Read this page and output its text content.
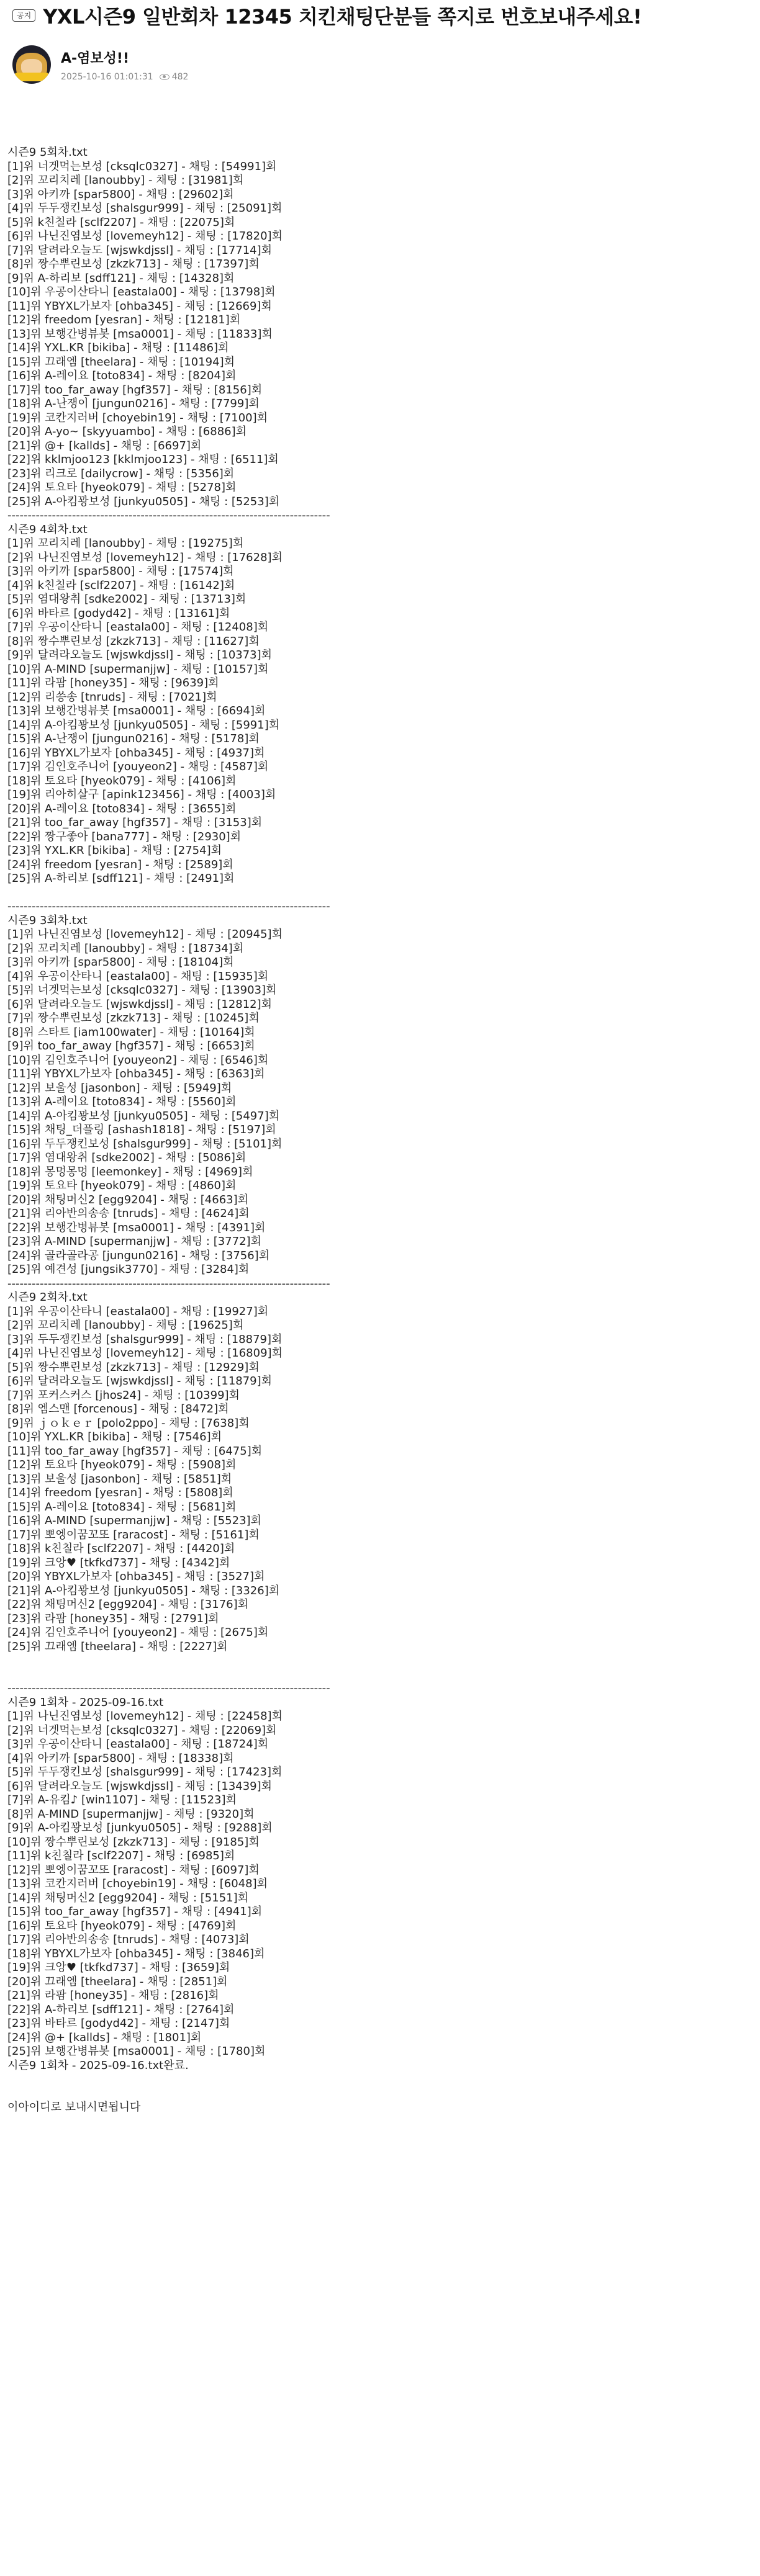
공지 YXL시즌9 일반회차 12345 치킨채팅단분들 쪽지로 번호보내주세요!
A-염보성!!
2025-10-16 01:01:31 482
시즌9 5회차.txt
[1]위 너겟먹는보성 [cksqlc0327] - 채팅 : [54991]회
[2]위 꼬리치레 [lanoubby] - 채팅 : [31981]회
[3]위 아키까 [spar5800] - 채팅 : [29602]회
[4]위 두두쟁킨보성 [shalsgur999] - 채팅 : [25091]회
[5]위 k친칠라 [sclf2207] - 채팅 : [22075]회
[6]위 나닌진염보성 [lovemeyh12] - 채팅 : [17820]회
[7]위 달려라오늘도 [wjswkdjssl] - 채팅 : [17714]회
[8]위 짱수뿌린보성 [zkzk713] - 채팅 : [17397]회
[9]위 A-하리보 [sdff121] - 채팅 : [14328]회
[10]위 우공이산타니 [eastala00] - 채팅 : [13798]회
[11]위 YBYXL가보자 [ohba345] - 채팅 : [12669]회
[12]위 freedom [yesran] - 채팅 : [12181]회
[13]위 보행간병뷰봇 [msa0001] - 채팅 : [11833]회
[14]위 YXL.KR [bikiba] - 채팅 : [11486]회
[15]위 끄래엠 [theelara] - 채팅 : [10194]회
[16]위 A-레이요 [toto834] - 채팅 : [8204]회
[17]위 too_far_away [hgf357] - 채팅 : [8156]회
[18]위 A-난쟁이 [jungun0216] - 채팅 : [7799]회
[19]위 코칸지러버 [choyebin19] - 채팅 : [7100]회
[20]위 A-yo~ [skyyuambo] - 채팅 : [6886]회
[21]위 @+ [kallds] - 채팅 : [6697]회
[22]위 kklmjoo123 [kklmjoo123] - 채팅 : [6511]회
[23]위 리크로 [dailycrow] - 채팅 : [5356]회
[24]위 토요타 [hyeok079] - 채팅 : [5278]회
[25]위 A-아킴꽝보성 [junkyu0505] - 채팅 : [5253]회
--------------------------------------------------------------------------------
시즌9 4회차.txt
[1]위 꼬리치레 [lanoubby] - 채팅 : [19275]회
[2]위 나닌진염보성 [lovemeyh12] - 채팅 : [17628]회
[3]위 아키까 [spar5800] - 채팅 : [17574]회
[4]위 k친칠라 [sclf2207] - 채팅 : [16142]회
[5]위 염대왕취 [sdke2002] - 채팅 : [13713]회
[6]위 바타르 [godyd42] - 채팅 : [13161]회
[7]위 우공이산타니 [eastala00] - 채팅 : [12408]회
[8]위 짱수뿌린보성 [zkzk713] - 채팅 : [11627]회
[9]위 달려라오늘도 [wjswkdjssl] - 채팅 : [10373]회
[10]위 A-MIND [supermanjjw] - 채팅 : [10157]회
[11]위 라팜 [honey35] - 채팅 : [9639]회
[12]위 리씅송 [tnruds] - 채팅 : [7021]회
[13]위 보행간병뷰봇 [msa0001] - 채팅 : [6694]회
[14]위 A-아킴꽝보성 [junkyu0505] - 채팅 : [5991]회
[15]위 A-난쟁이 [jungun0216] - 채팅 : [5178]회
[16]위 YBYXL가보자 [ohba345] - 채팅 : [4937]회
[17]위 김인호주니어 [youyeon2] - 채팅 : [4587]회
[18]위 토요타 [hyeok079] - 채팅 : [4106]회
[19]위 리아히살구 [apink123456] - 채팅 : [4003]회
[20]위 A-레이요 [toto834] - 채팅 : [3655]회
[21]위 too_far_away [hgf357] - 채팅 : [3153]회
[22]위 짱구좋아 [bana777] - 채팅 : [2930]회
[23]위 YXL.KR [bikiba] - 채팅 : [2754]회
[24]위 freedom [yesran] - 채팅 : [2589]회
[25]위 A-하리보 [sdff121] - 채팅 : [2491]회
--------------------------------------------------------------------------------
시즌9 3회차.txt
[1]위 나닌진염보성 [lovemeyh12] - 채팅 : [20945]회
[2]위 꼬리치레 [lanoubby] - 채팅 : [18734]회
[3]위 아키까 [spar5800] - 채팅 : [18104]회
[4]위 우공이산타니 [eastala00] - 채팅 : [15935]회
[5]위 너겟먹는보성 [cksqlc0327] - 채팅 : [13903]회
[6]위 달려라오늘도 [wjswkdjssl] - 채팅 : [12812]회
[7]위 짱수뿌린보성 [zkzk713] - 채팅 : [10245]회
[8]위 스타트 [iam100water] - 채팅 : [10164]회
[9]위 too_far_away [hgf357] - 채팅 : [6653]회
[10]위 김인호주니어 [youyeon2] - 채팅 : [6546]회
[11]위 YBYXL가보자 [ohba345] - 채팅 : [6363]회
[12]위 보울성 [jasonbon] - 채팅 : [5949]회
[13]위 A-레이요 [toto834] - 채팅 : [5560]회
[14]위 A-아킴꽝보성 [junkyu0505] - 채팅 : [5497]회
[15]위 채팅_더플링 [ashash1818] - 채팅 : [5197]회
[16]위 두두쟁킨보성 [shalsgur999] - 채팅 : [5101]회
[17]위 염대왕취 [sdke2002] - 채팅 : [5086]회
[18]위 몽멍몽멍 [leemonkey] - 채팅 : [4969]회
[19]위 토요타 [hyeok079] - 채팅 : [4860]회
[20]위 채팅머신2 [egg9204] - 채팅 : [4663]회
[21]위 리아반의송송 [tnruds] - 채팅 : [4624]회
[22]위 보행간병뷰봇 [msa0001] - 채팅 : [4391]회
[23]위 A-MIND [supermanjjw] - 채팅 : [3772]회
[24]위 골라골라공 [jungun0216] - 채팅 : [3756]회
[25]위 예견성 [jungsik3770] - 채팅 : [3284]회
--------------------------------------------------------------------------------
시즌9 2회차.txt
[1]위 우공이산타니 [eastala00] - 채팅 : [19927]회
[2]위 꼬리치레 [lanoubby] - 채팅 : [19625]회
[3]위 두두쟁킨보성 [shalsgur999] - 채팅 : [18879]회
[4]위 나닌진염보성 [lovemeyh12] - 채팅 : [16809]회
[5]위 짱수뿌린보성 [zkzk713] - 채팅 : [12929]회
[6]위 달려라오늘도 [wjswkdjssl] - 채팅 : [11879]회
[7]위 포커스커스 [jhos24] - 채팅 : [10399]회
[8]위 엠스맨 [forcenous] - 채팅 : [8472]회
[9]위 ｊｏｋｅｒ [polo2ppo] - 채팅 : [7638]회
[10]위 YXL.KR [bikiba] - 채팅 : [7546]회
[11]위 too_far_away [hgf357] - 채팅 : [6475]회
[12]위 토요타 [hyeok079] - 채팅 : [5908]회
[13]위 보울성 [jasonbon] - 채팅 : [5851]회
[14]위 freedom [yesran] - 채팅 : [5808]회
[15]위 A-레이요 [toto834] - 채팅 : [5681]회
[16]위 A-MIND [supermanjjw] - 채팅 : [5523]회
[17]위 뽀엥이꿈꼬또 [raracost] - 채팅 : [5161]회
[18]위 k친칠라 [sclf2207] - 채팅 : [4420]회
[19]위 크앙♥ [tkfkd737] - 채팅 : [4342]회
[20]위 YBYXL가보자 [ohba345] - 채팅 : [3527]회
[21]위 A-아킴꽝보성 [junkyu0505] - 채팅 : [3326]회
[22]위 채팅머신2 [egg9204] - 채팅 : [3176]회
[23]위 라팜 [honey35] - 채팅 : [2791]회
[24]위 김인호주니어 [youyeon2] - 채팅 : [2675]회
[25]위 끄래엠 [theelara] - 채팅 : [2227]회
--------------------------------------------------------------------------------
시즌9 1회차 - 2025-09-16.txt
[1]위 나닌진염보성 [lovemeyh12] - 채팅 : [22458]회
[2]위 너겟먹는보성 [cksqlc0327] - 채팅 : [22069]회
[3]위 우공이산타니 [eastala00] - 채팅 : [18724]회
[4]위 아키까 [spar5800] - 채팅 : [18338]회
[5]위 두두쟁킨보성 [shalsgur999] - 채팅 : [17423]회
[6]위 달려라오늘도 [wjswkdjssl] - 채팅 : [13439]회
[7]위 A-유킴♪ [win1107] - 채팅 : [11523]회
[8]위 A-MIND [supermanjjw] - 채팅 : [9320]회
[9]위 A-아킴꽝보성 [junkyu0505] - 채팅 : [9288]회
[10]위 짱수뿌린보성 [zkzk713] - 채팅 : [9185]회
[11]위 k친칠라 [sclf2207] - 채팅 : [6985]회
[12]위 뽀엥이꿈꼬또 [raracost] - 채팅 : [6097]회
[13]위 코칸지러버 [choyebin19] - 채팅 : [6048]회
[14]위 채팅머신2 [egg9204] - 채팅 : [5151]회
[15]위 too_far_away [hgf357] - 채팅 : [4941]회
[16]위 토요타 [hyeok079] - 채팅 : [4769]회
[17]위 리아반의송송 [tnruds] - 채팅 : [4073]회
[18]위 YBYXL가보자 [ohba345] - 채팅 : [3846]회
[19]위 크앙♥ [tkfkd737] - 채팅 : [3659]회
[20]위 끄래엠 [theelara] - 채팅 : [2851]회
[21]위 라팜 [honey35] - 채팅 : [2816]회
[22]위 A-하리보 [sdff121] - 채팅 : [2764]회
[23]위 바타르 [godyd42] - 채팅 : [2147]회
[24]위 @+ [kallds] - 채팅 : [1801]회
[25]위 보행간병뷰봇 [msa0001] - 채팅 : [1780]회
시즌9 1회차 - 2025-09-16.txt완료.
이아이디로 보내시면됩니다
